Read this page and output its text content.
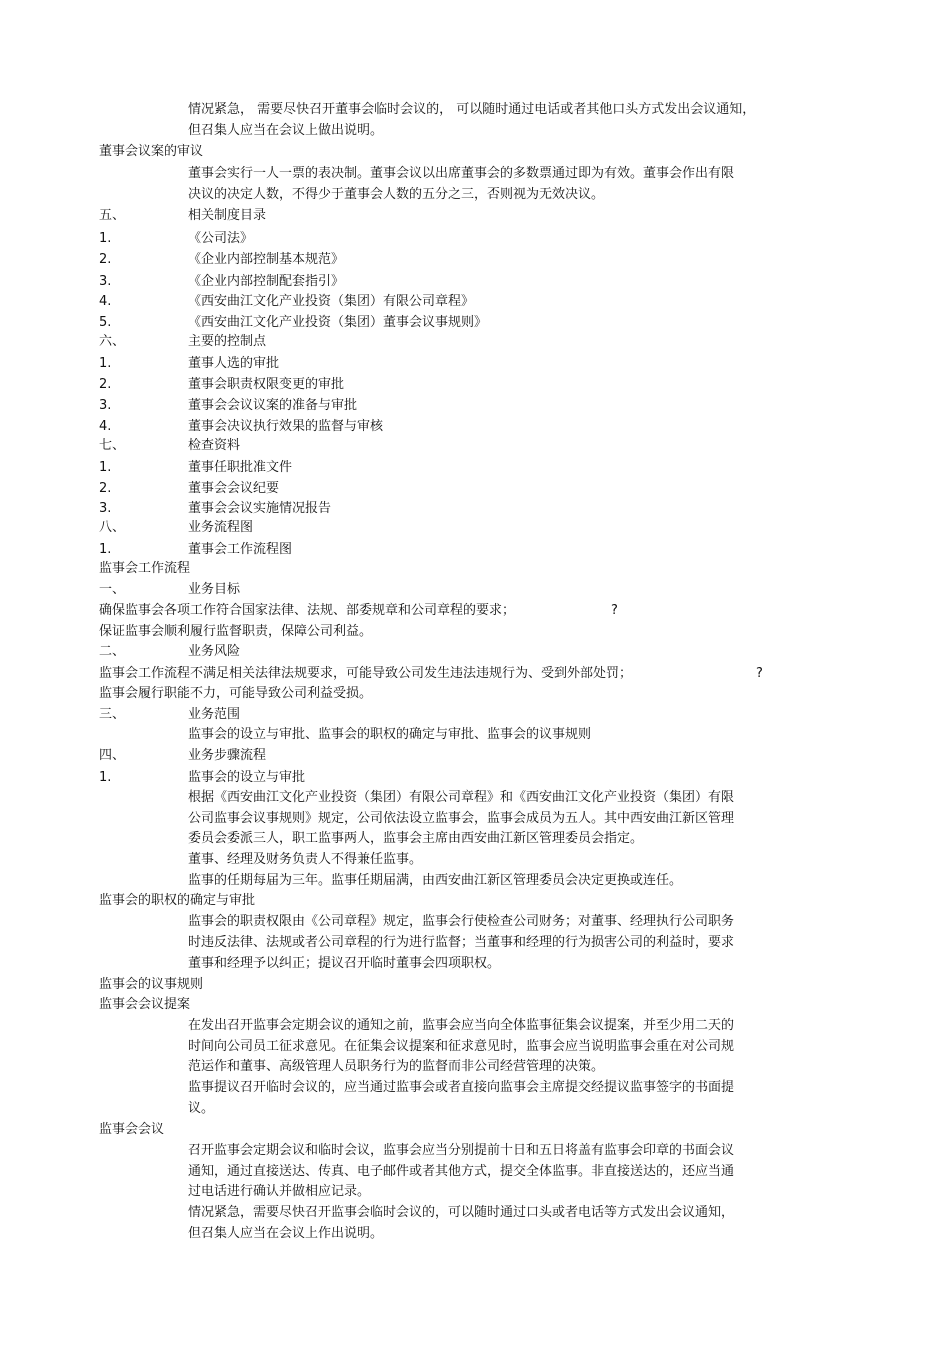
情况紧急， 需要尽快召开董事会临时会议的， 可以随时通过电话或者其他口头方式发出会议通知，
但召集人应当在会议上做出说明。
董事会议案的审议
董事会实行一人一票的表决制。董事会议以出席董事会的多数票通过即为有效。董事会作出有限
决议的决定人数，不得少于董事会人数的五分之三，否则视为无效决议。
五、	相关制度目录
1.	《公司法》
2.	《企业内部控制基本规范》
3.	《企业内部控制配套指引》
4.	《西安曲江文化产业投资（集团）有限公司章程》
5.	《西安曲江文化产业投资（集团）董事会议事规则》
六、	主要的控制点
1.	董事人选的审批
2.	董事会职责权限变更的审批
3.	董事会会议议案的准备与审批
4.	董事会决议执行效果的监督与审核
七、	检查资料
1.	董事任职批准文件
2.	董事会会议纪要
3.	董事会会议实施情况报告
八、	业务流程图
1.	董事会工作流程图
监事会工作流程
一、	业务目标
确保监事会各项工作符合国家法律、法规、部委规章和公司章程的要求；	?
保证监事会顺利履行监督职责，保障公司利益。
二、	业务风险
监事会工作流程不满足相关法律法规要求，可能导致公司发生违法违规行为、受到外部处罚；	?
监事会履行职能不力，可能导致公司利益受损。
三、	业务范围
监事会的设立与审批、监事会的职权的确定与审批、监事会的议事规则
四、	业务步骤流程
1.	监事会的设立与审批
根据《西安曲江文化产业投资（集团）有限公司章程》和《西安曲江文化产业投资（集团）有限
公司监事会议事规则》规定，公司依法设立监事会，监事会成员为五人。其中西安曲江新区管理
委员会委派三人，职工监事两人，监事会主席由西安曲江新区管理委员会指定。
董事、经理及财务负责人不得兼任监事。
监事的任期每届为三年。监事任期届满，由西安曲江新区管理委员会决定更换或连任。
监事会的职权的确定与审批
监事会的职责权限由《公司章程》规定，监事会行使检查公司财务；对董事、经理执行公司职务
时违反法律、法规或者公司章程的行为进行监督；当董事和经理的行为损害公司的利益时，要求
董事和经理予以纠正；提议召开临时董事会四项职权。
监事会的议事规则
监事会会议提案
在发出召开监事会定期会议的通知之前，监事会应当向全体监事征集会议提案，并至少用二天的
时间向公司员工征求意见。在征集会议提案和征求意见时，监事会应当说明监事会重在对公司规
范运作和董事、高级管理人员职务行为的监督而非公司经营管理的决策。
监事提议召开临时会议的，应当通过监事会或者直接向监事会主席提交经提议监事签字的书面提
议。
监事会会议
召开监事会定期会议和临时会议，监事会应当分别提前十日和五日将盖有监事会印章的书面会议
通知，通过直接送达、传真、电子邮件或者其他方式，提交全体监事。非直接送达的，还应当通
过电话进行确认并做相应记录。
情况紧急，需要尽快召开监事会临时会议的，可以随时通过口头或者电话等方式发出会议通知，
但召集人应当在会议上作出说明。
